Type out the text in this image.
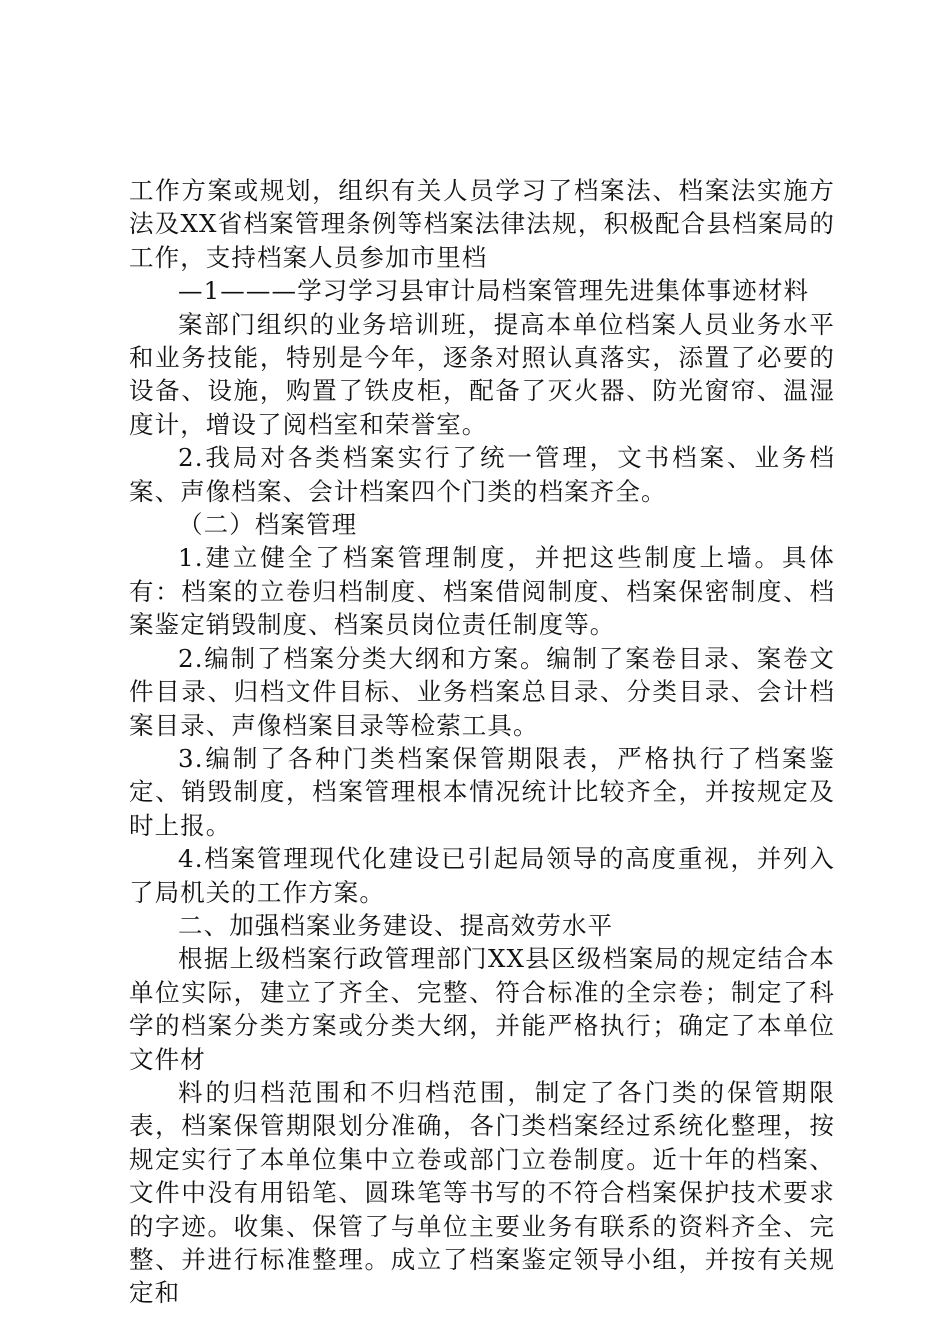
工作方案或规划，组织有关人员学习了档案法、档案法实施方法及XX省档案管理条例等档案法律法规，积极配合县档案局的工作，支持档案人员参加市里档

—1———学习学习县审计局档案管理先进集体事迹材料

案部门组织的业务培训班，提高本单位档案人员业务水平和业务技能，特别是今年，逐条对照认真落实，添置了必要的设备、设施，购置了铁皮柜，配备了灭火器、防光窗帘、温湿度计，增设了阅档室和荣誉室。

2.我局对各类档案实行了统一管理，文书档案、业务档案、声像档案、会计档案四个门类的档案齐全。

（二）档案管理

1.建立健全了档案管理制度，并把这些制度上墙。具体有：档案的立卷归档制度、档案借阅制度、档案保密制度、档案鉴定销毁制度、档案员岗位责任制度等。

2.编制了档案分类大纲和方案。编制了案卷目录、案卷文件目录、归档文件目标、业务档案总目录、分类目录、会计档案目录、声像档案目录等检萦工具。

3.编制了各种门类档案保管期限表，严格执行了档案鉴定、销毁制度，档案管理根本情况统计比较齐全，并按规定及时上报。

4.档案管理现代化建设已引起局领导的高度重视，并列入了局机关的工作方案。

二、加强档案业务建设、提高效劳水平

根据上级档案行政管理部门XX县区级档案局的规定结合本单位实际，建立了齐全、完整、符合标准的全宗卷；制定了科学的档案分类方案或分类大纲，并能严格执行；确定了本单位文件材

料的归档范围和不归档范围，制定了各门类的保管期限表，档案保管期限划分准确，各门类档案经过系统化整理，按规定实行了本单位集中立卷或部门立卷制度。近十年的档案、文件中没有用铅笔、圆珠笔等书写的不符合档案保护技术要求的字迹。收集、保管了与单位主要业务有联系的资料齐全、完整、并进行标准整理。成立了档案鉴定领导小组，并按有关规定和
